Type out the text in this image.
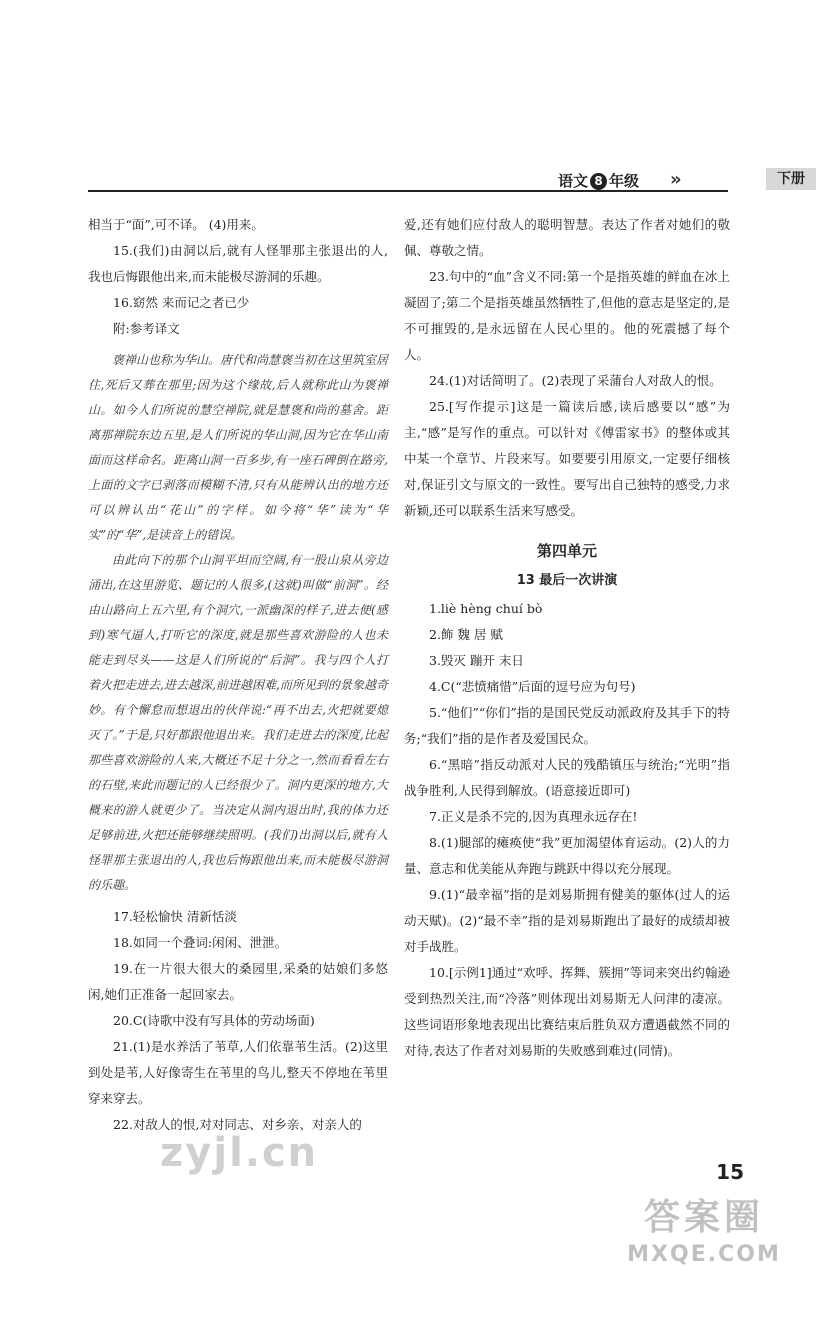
语文 8 年级 »	下册

相当于“面”,可不译。 (4)用来。

15.(我们)由洞以后,就有人怪罪那主张退出的人,我也后悔跟他出来,而未能极尽游洞的乐趣。

16.窈然 来而记之者已少

附:参考译文

褒禅山也称为华山。唐代和尚慧褒当初在这里筑室居住,死后又葬在那里;因为这个缘故,后人就称此山为褒禅山。如今人们所说的慧空禅院,就是慧褒和尚的墓舍。距离那禅院东边五里,是人们所说的华山洞,因为它在华山南面而这样命名。距离山洞一百多步,有一座石碑倒在路旁,上面的文字已剥落而模糊不清,只有从能辨认出的地方还可以辨认出“花山”的字样。如今将“华”读为“华实”的“华”,是读音上的错误。

由此向下的那个山洞平坦而空阔,有一股山泉从旁边涌出,在这里游览、题记的人很多,(这就)叫做“前洞”。经由山路向上五六里,有个洞穴,一派幽深的样子,进去便(感到)寒气逼人,打听它的深度,就是那些喜欢游险的人也未能走到尽头——这是人们所说的“后洞”。我与四个人打着火把走进去,进去越深,前进越困难,而所见到的景象越奇妙。有个懈怠而想退出的伙伴说:“再不出去,火把就要熄灭了。”于是,只好都跟他退出来。我们走进去的深度,比起那些喜欢游险的人来,大概还不足十分之一,然而看看左右的石壁,来此而题记的人已经很少了。洞内更深的地方,大概来的游人就更少了。当决定从洞内退出时,我的体力还足够前进,火把还能够继续照明。(我们)出洞以后,就有人怪罪那主张退出的人,我也后悔跟他出来,而未能极尽游洞的乐趣。

17.轻松愉快 清新恬淡

18.如同一个叠词:闲闲、泄泄。

19.在一片很大很大的桑园里,采桑的姑娘们多悠闲,她们正准备一起回家去。

20.C(诗歌中没有写具体的劳动场面)

21.(1)是水养活了苇草,人们依靠苇生活。(2)这里到处是苇,人好像寄生在苇里的鸟儿,整天不停地在苇里穿来穿去。

22.对敌人的恨,对对同志、对乡亲、对亲人的

爱,还有她们应付敌人的聪明智慧。表达了作者对她们的敬佩、尊敬之情。

23.句中的“血”含义不同:第一个是指英雄的鲜血在冰上凝固了;第二个是指英雄虽然牺牲了,但他的意志是坚定的,是不可摧毁的,是永远留在人民心里的。他的死震撼了每个人。

24.(1)对话简明了。(2)表现了采蒲台人对敌人的恨。

25.[写作提示]这是一篇读后感,读后感要以“感”为主,“感”是写作的重点。可以针对《傅雷家书》的整体或其中某一个章节、片段来写。如要要引用原文,一定要仔细核对,保证引文与原文的一致性。要写出自己独特的感受,力求新颖,还可以联系生活来写感受。

第四单元
13 最后一次讲演

1.liè hèng chuí bò

2.飾 魏 居 赋

3.毁灭 蹦开 末日

4.C(“悲愤痛惜”后面的逗号应为句号)

5.“他们”“你们”指的是国民党反动派政府及其手下的特务;“我们”指的是作者及爱国民众。

6.“黑暗”指反动派对人民的残酷镇压与统治;“光明”指战争胜利,人民得到解放。(语意接近即可)

7.正义是杀不完的,因为真理永远存在!

8.(1)腿部的瘫痪使“我”更加渴望体育运动。(2)人的力量、意志和优美能从奔跑与跳跃中得以充分展现。

9.(1)“最幸福”指的是刘易斯拥有健美的躯体(过人的运动天赋)。(2)“最不幸”指的是刘易斯跑出了最好的成绩却被对手战胜。

10.[示例1]通过“欢呼、挥舞、簇拥”等词来突出约翰逊受到热烈关注,而“冷落”则体现出刘易斯无人问津的凄凉。这些词语形象地表现出比赛结束后胜负双方遭遇截然不同的对待,表达了作者对刘易斯的失败感到难过(同情)。

15
zyjl.cn
答案圈
MXQE.COM
